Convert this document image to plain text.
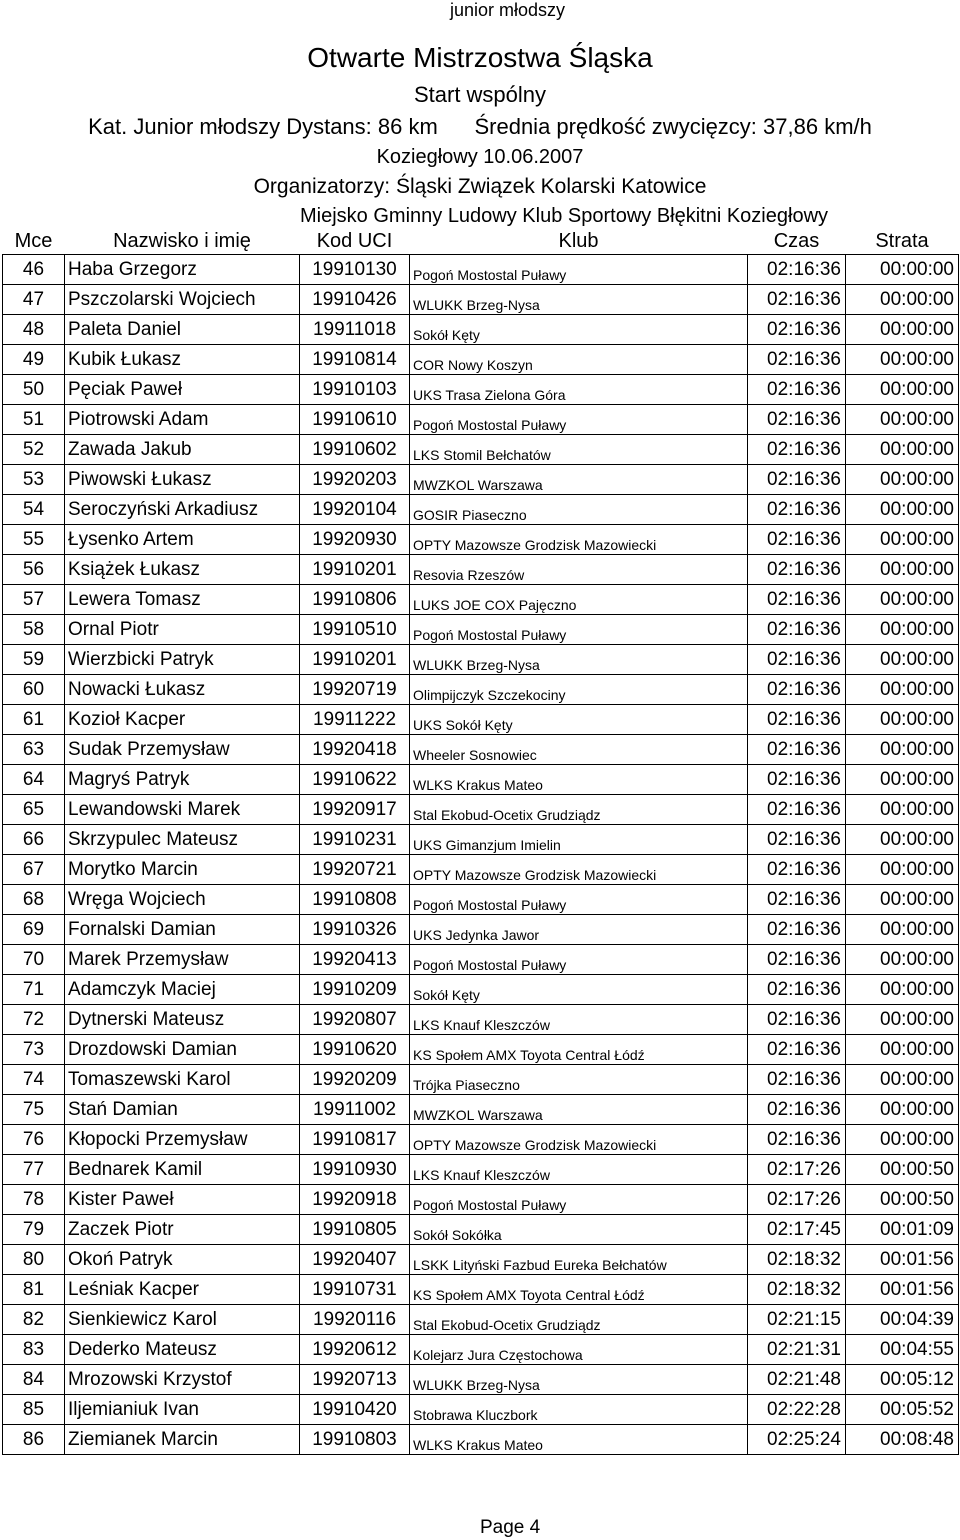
junior młodszy
Otwarte Mistrzostwa Śląska
Start wspólny
Kat. Junior młodszy Dystans: 86 km      Średnia prędkość zwycięzcy: 37,86 km/h
Koziegłowy 10.06.2007
Organizatorzy: Śląski Związek Kolarski Katowice
Miejsko Gminny Ludowy Klub Sportowy Błękitni Koziegłowy
Mce	Nazwisko i imię	Kod UCI	Klub	Czas	Strata
46	Haba Grzegorz	19910130	Pogoń Mostostal Puławy	02:16:36	00:00:00
47	Pszczolarski Wojciech	19910426	WLUKK Brzeg-Nysa	02:16:36	00:00:00
48	Paleta Daniel	19911018	Sokół Kęty	02:16:36	00:00:00
49	Kubik Łukasz	19910814	COR Nowy Koszyn	02:16:36	00:00:00
50	Pęciak Paweł	19910103	UKS Trasa Zielona Góra	02:16:36	00:00:00
51	Piotrowski Adam	19910610	Pogoń Mostostal Puławy	02:16:36	00:00:00
52	Zawada Jakub	19910602	LKS Stomil Bełchatów	02:16:36	00:00:00
53	Piwowski Łukasz	19920203	MWZKOL Warszawa	02:16:36	00:00:00
54	Seroczyński Arkadiusz	19920104	GOSIR Piaseczno	02:16:36	00:00:00
55	Łysenko Artem	19920930	OPTY Mazowsze Grodzisk Mazowiecki	02:16:36	00:00:00
56	Książek Łukasz	19910201	Resovia Rzeszów	02:16:36	00:00:00
57	Lewera Tomasz	19910806	LUKS JOE COX Pajęczno	02:16:36	00:00:00
58	Ornal Piotr	19910510	Pogoń Mostostal Puławy	02:16:36	00:00:00
59	Wierzbicki Patryk	19910201	WLUKK Brzeg-Nysa	02:16:36	00:00:00
60	Nowacki Łukasz	19920719	Olimpijczyk Szczekociny	02:16:36	00:00:00
61	Kozioł Kacper	19911222	UKS Sokół Kęty	02:16:36	00:00:00
63	Sudak Przemysław	19920418	Wheeler Sosnowiec	02:16:36	00:00:00
64	Magryś Patryk	19910622	WLKS Krakus Mateo	02:16:36	00:00:00
65	Lewandowski Marek	19920917	Stal Ekobud-Ocetix Grudziądz	02:16:36	00:00:00
66	Skrzypulec Mateusz	19910231	UKS Gimanzjum Imielin	02:16:36	00:00:00
67	Morytko Marcin	19920721	OPTY Mazowsze Grodzisk Mazowiecki	02:16:36	00:00:00
68	Wręga Wojciech	19910808	Pogoń Mostostal Puławy	02:16:36	00:00:00
69	Fornalski Damian	19910326	UKS Jedynka Jawor	02:16:36	00:00:00
70	Marek Przemysław	19920413	Pogoń Mostostal Puławy	02:16:36	00:00:00
71	Adamczyk Maciej	19910209	Sokół Kęty	02:16:36	00:00:00
72	Dytnerski Mateusz	19920807	LKS Knauf Kleszczów	02:16:36	00:00:00
73	Drozdowski Damian	19910620	KS Społem AMX Toyota Central Łódź	02:16:36	00:00:00
74	Tomaszewski Karol	19920209	Trójka Piaseczno	02:16:36	00:00:00
75	Stań Damian	19911002	MWZKOL Warszawa	02:16:36	00:00:00
76	Kłopocki Przemysław	19910817	OPTY Mazowsze Grodzisk Mazowiecki	02:16:36	00:00:00
77	Bednarek Kamil	19910930	LKS Knauf Kleszczów	02:17:26	00:00:50
78	Kister Paweł	19920918	Pogoń Mostostal Puławy	02:17:26	00:00:50
79	Zaczek Piotr	19910805	Sokół Sokółka	02:17:45	00:01:09
80	Okoń Patryk	19920407	LSKK Lityński Fazbud Eureka Bełchatów	02:18:32	00:01:56
81	Leśniak Kacper	19910731	KS Społem AMX Toyota Central Łódź	02:18:32	00:01:56
82	Sienkiewicz Karol	19920116	Stal Ekobud-Ocetix Grudziądz	02:21:15	00:04:39
83	Dederko Mateusz	19920612	Kolejarz Jura Częstochowa	02:21:31	00:04:55
84	Mrozowski Krzystof	19920713	WLUKK Brzeg-Nysa	02:21:48	00:05:12
85	Iljemianiuk Ivan	19910420	Stobrawa Kluczbork	02:22:28	00:05:52
86	Ziemianek Marcin	19910803	WLKS Krakus Mateo	02:25:24	00:08:48
Page 4
